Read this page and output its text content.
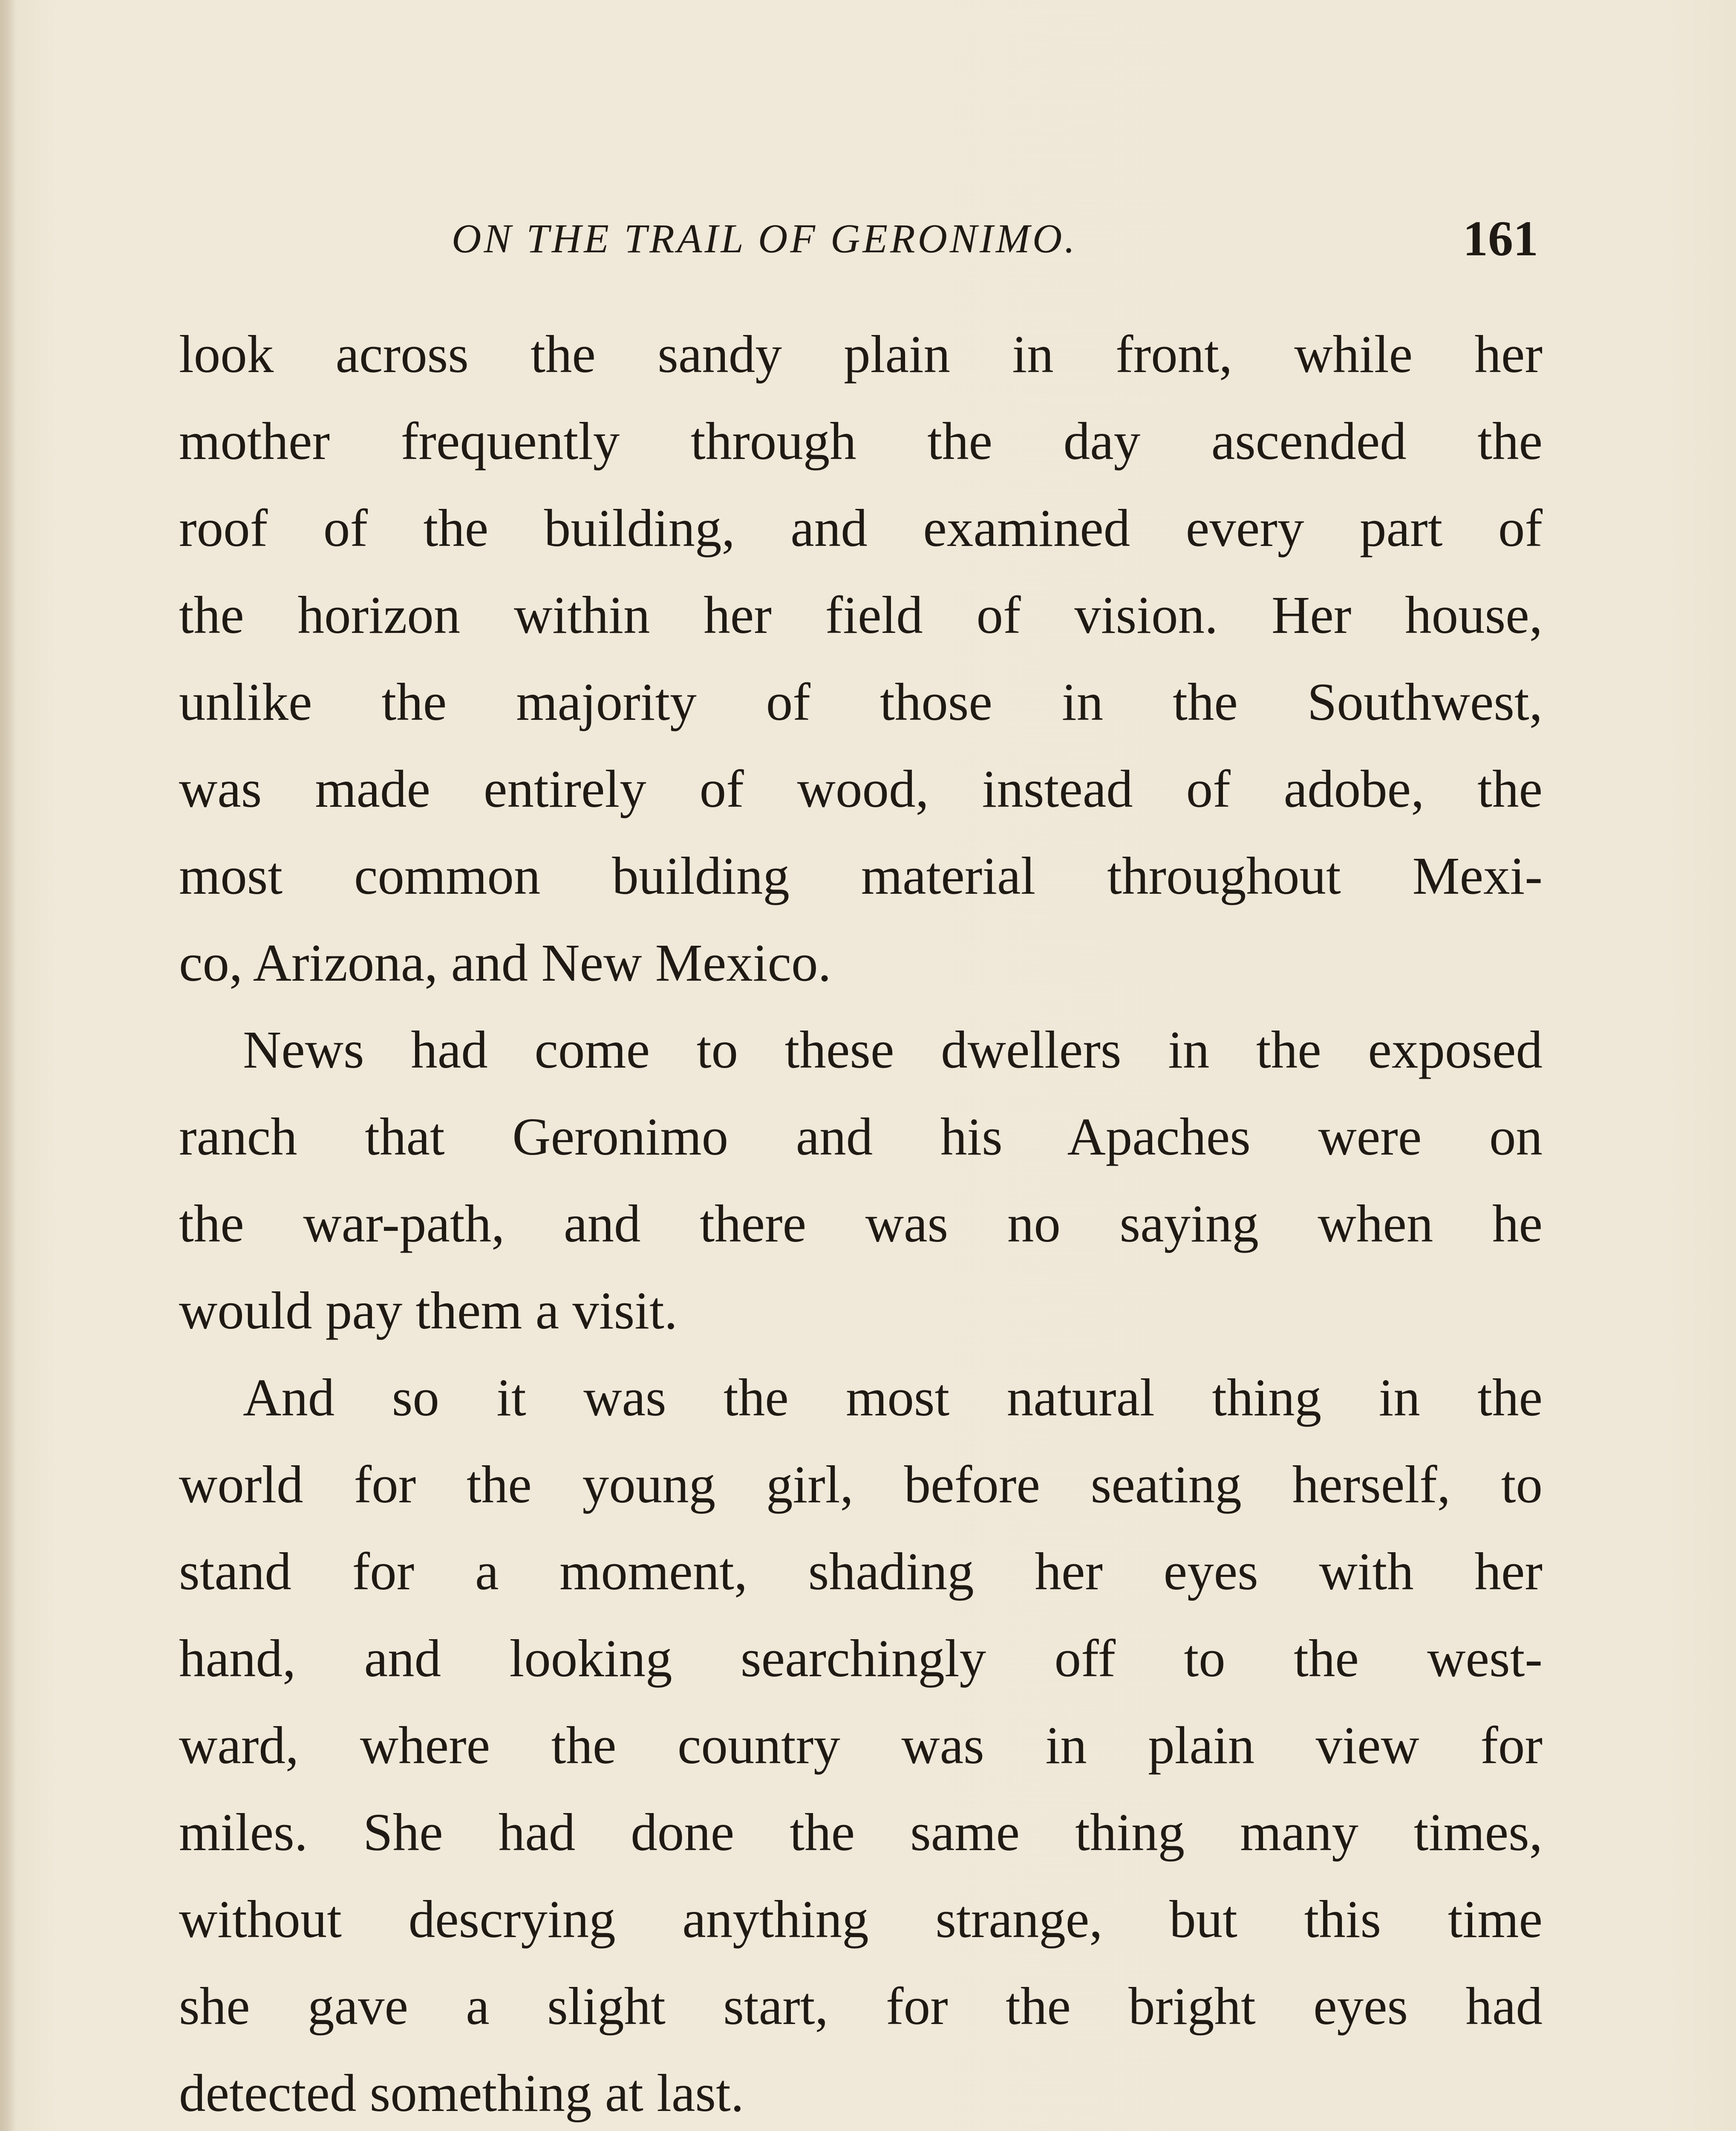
ON THE TRAIL OF GERONIMO.	161
look across the sandy plain in front, while her
mother frequently through the day ascended the
roof of the building, and examined every part of
the horizon within her field of vision. Her house,
unlike the majority of those in the Southwest,
was made entirely of wood, instead of adobe, the
most common building material throughout Mexi-
co, Arizona, and New Mexico.
News had come to these dwellers in the exposed
ranch that Geronimo and his Apaches were on
the war-path, and there was no saying when he
would pay them a visit.
And so it was the most natural thing in the
world for the young girl, before seating herself, to
stand for a moment, shading her eyes with her
hand, and looking searchingly off to the west-
ward, where the country was in plain view for
miles. She had done the same thing many times,
without descrying anything strange, but this time
she gave a slight start, for the bright eyes had
detected something at last.
